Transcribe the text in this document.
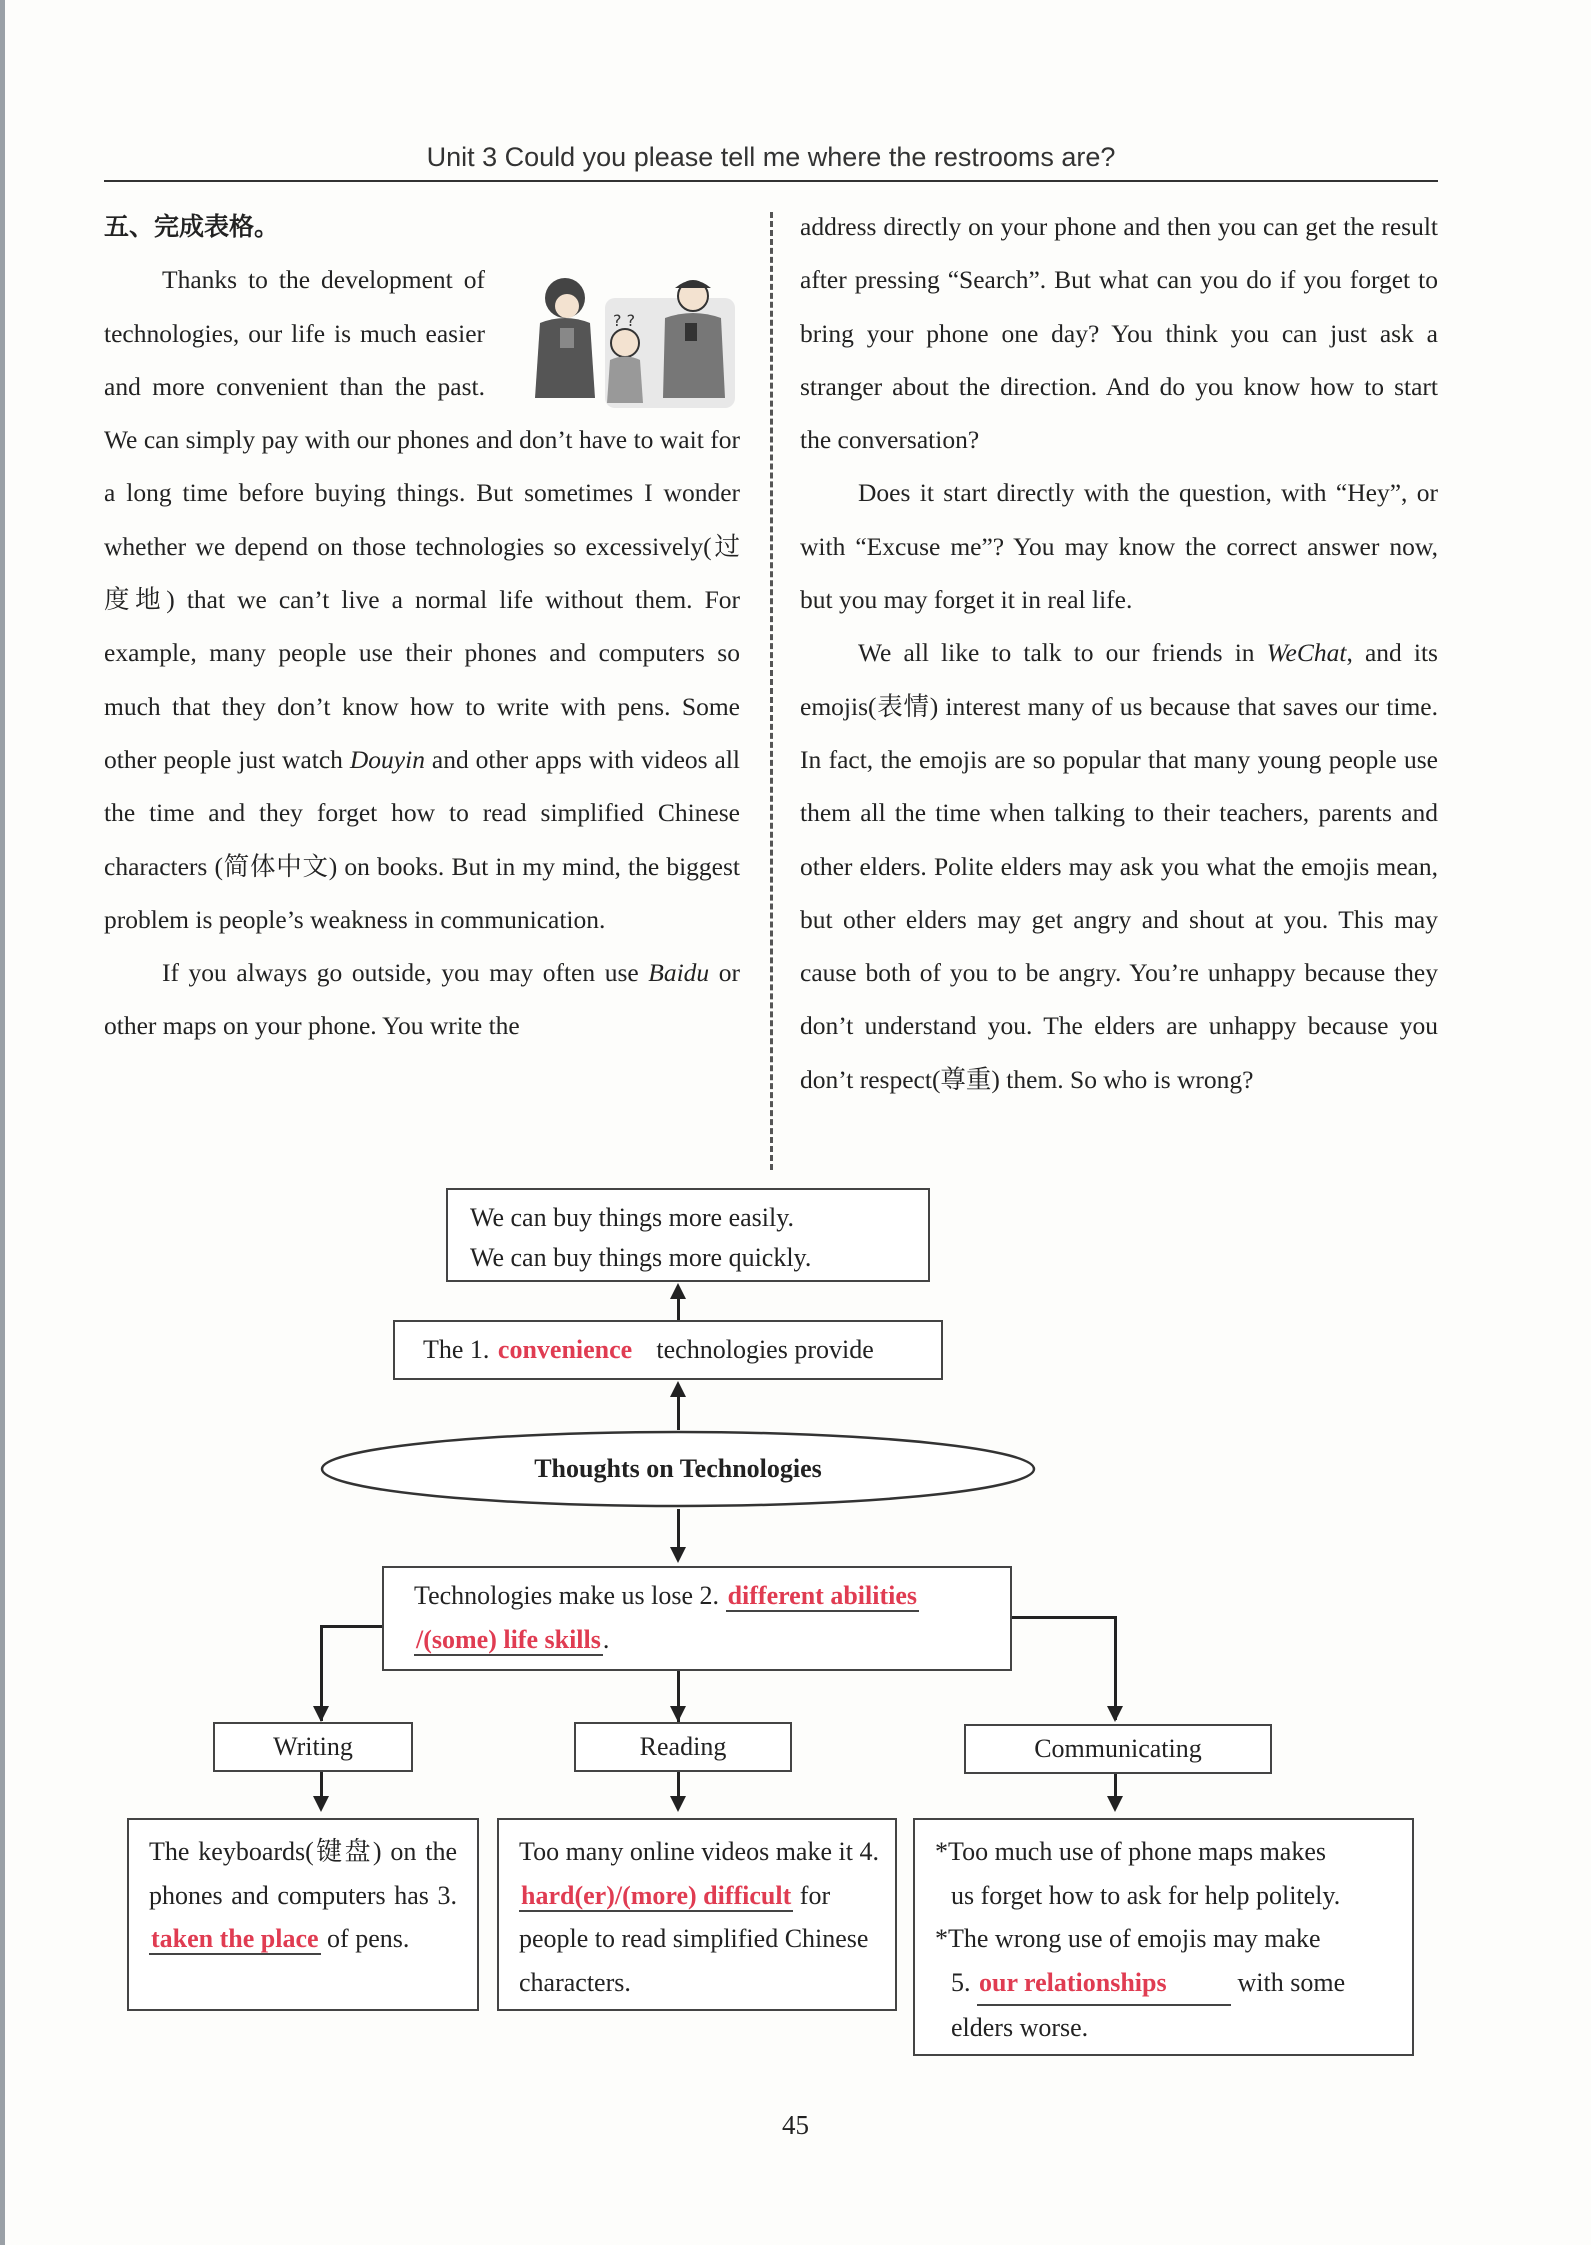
Unit 3 Could you please tell me where the restrooms are?

五、完成表格。

Thanks to the development of technologies, our life is much easier and more convenient than the past. We can simply pay with our phones and don’t have to wait for a long time before buying things. But sometimes I wonder whether we depend on those technologies so excessively(过度地) that we can’t live a normal life without them. For example, many people use their phones and computers so much that they don’t know how to write with pens. Some other people just watch Douyin and other apps with videos all the time and they forget how to read simplified Chinese characters (简体中文) on books. But in my mind, the biggest problem is people’s weakness in communication.

If you always go outside, you may often use Baidu or other maps on your phone. You write the

? ?

address directly on your phone and then you can get the result after pressing “Search”. But what can you do if you forget to bring your phone one day? You think you can just ask a stranger about the direction. And do you know how to start the conversation?

Does it start directly with the question, with “Hey”, or with “Excuse me”? You may know the correct answer now, but you may forget it in real life.

We all like to talk to our friends in WeChat, and its emojis(表情) interest many of us because that saves our time. In fact, the emojis are so popular that many young people use them all the time when talking to their teachers, parents and other elders. Polite elders may ask you what the emojis mean, but other elders may get angry and shout at you. This may cause both of you to be angry. You’re unhappy because they don’t understand you. The elders are unhappy because you don’t respect(尊重) them. So who is wrong?

We can buy things more easily.
We can buy things more quickly.
The 1. convenience technologies provide
Thoughts on Technologies
Technologies make us lose 2. different abilities
/(some) life skills.
Writing	Reading	Communicating
The keyboards(键盘) on the phones and computers has 3. taken the place of pens.
Too many online videos make it 4. hard(er)/(more) difficult for people to read simplified Chinese characters.
*Too much use of phone maps makes
us forget how to ask for help politely.
*The wrong use of emojis may make
5. our relationships with some
elders worse.
45
